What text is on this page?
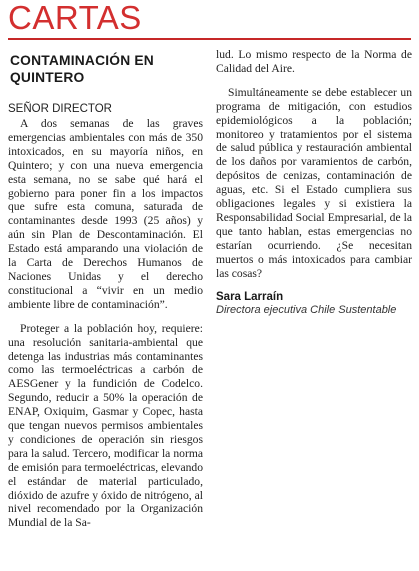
CARTAS
CONTAMINACIÓN EN QUINTERO
SEÑOR DIRECTOR

A dos semanas de las graves emergencias ambientales con más de 350 intoxicados, en su mayoría niños, en Quintero; y con una nueva emergencia esta semana, no se sabe qué hará el gobierno para poner fin a los impactos que sufre esta comuna, saturada de contaminantes desde 1993 (25 años) y aún sin Plan de Descontaminación. El Estado está amparando una violación de la Carta de Derechos Humanos de Naciones Unidas y el derecho constitucional a “vivir en un medio ambiente libre de contaminación”.

Proteger a la población hoy, requiere: una resolución sanitaria-ambiental que detenga las industrias más contaminantes como las termoeléctricas a carbón de AESGener y la fundición de Codelco. Segundo, reducir a 50% la operación de ENAP, Oxiquim, Gasmar y Copec, hasta que tengan nuevos permisos ambientales y condiciones de operación sin riesgos para la salud. Tercero, modificar la norma de emisión para termoeléctricas, elevando el estándar de material particulado, dióxido de azufre y óxido de nitrógeno, al nivel recomendado por la Organización Mundial de la Sa-

lud. Lo mismo respecto de la Norma de Calidad del Aire.

Simultáneamente se debe establecer un programa de mitigación, con estudios epidemiológicos a la población; monitoreo y tratamientos por el sistema de salud pública y restauración ambiental de los daños por varamientos de carbón, depósitos de cenizas, contaminación de aguas, etc. Si el Estado cumpliera sus obligaciones legales y si existiera la Responsabilidad Social Empresarial, de la que tanto hablan, estas emergencias no estarían ocurriendo. ¿Se necesitan muertos o más intoxicados para cambiar las cosas?

Sara Larraín
Directora ejecutiva Chile Sustentable
